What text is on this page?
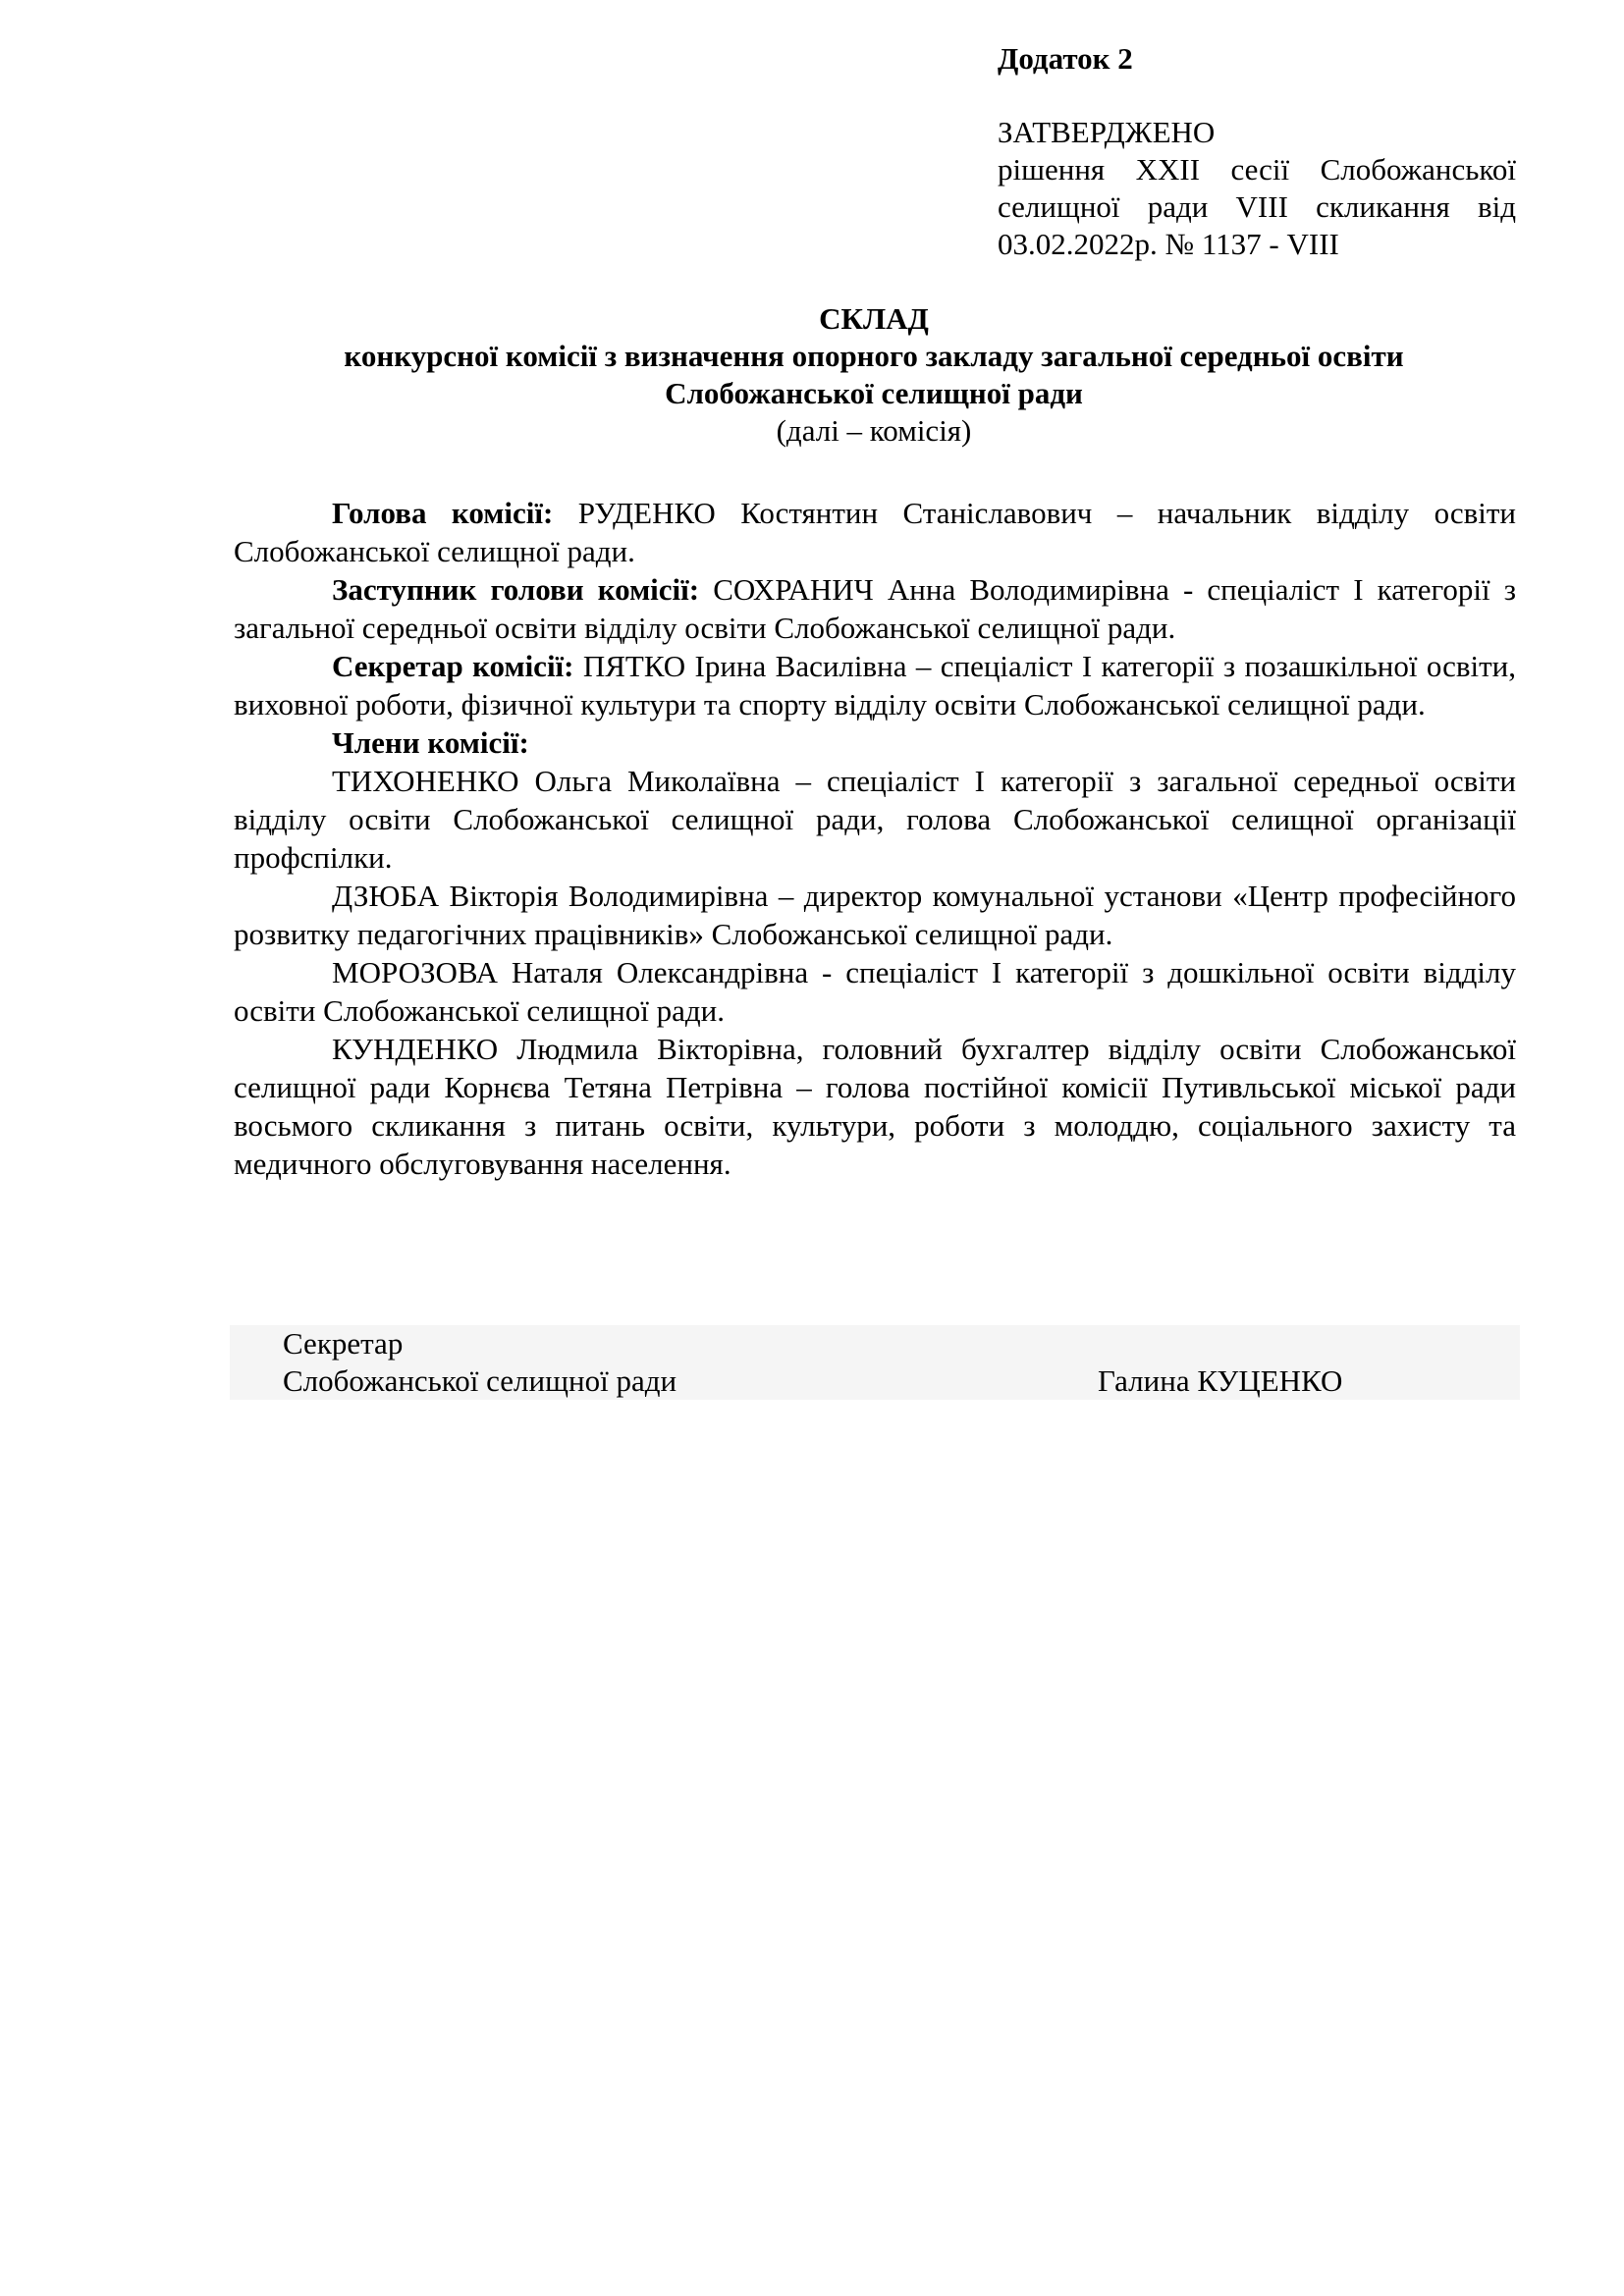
Додаток 2
ЗАТВЕРДЖЕНО
рішення XXII сесії Слобожанської
селищної ради VIII скликання від
03.02.2022р. № 1137 - VIII
СКЛАД
конкурсної комісії з визначення опорного закладу загальної середньої освіти
Слобожанської селищної ради
(далі – комісія)

Голова комісії: РУДЕНКО Костянтин Станіславович – начальник відділу освіти Слобожанської селищної ради.

Заступник голови комісії: СОХРАНИЧ Анна Володимирівна - спеціаліст І категорії з загальної середньої освіти відділу освіти Слобожанської селищної ради.

Секретар комісії: ПЯТКО Ірина Василівна – спеціаліст І категорії з позашкільної освіти, виховної роботи, фізичної культури та спорту відділу освіти Слобожанської селищної ради.

Члени комісії:

ТИХОНЕНКО Ольга Миколаївна – спеціаліст І категорії з загальної середньої освіти відділу освіти Слобожанської селищної ради, голова Слобожанської селищної організації профспілки.

ДЗЮБА Вікторія Володимирівна – директор комунальної установи «Центр професійного розвитку педагогічних працівників» Слобожанської селищної ради.

МОРОЗОВА Наталя Олександрівна - спеціаліст І категорії з дошкільної освіти відділу освіти Слобожанської селищної ради.

КУНДЕНКО Людмила Вікторівна, головний бухгалтер відділу освіти Слобожанської селищної ради Корнєва Тетяна Петрівна – голова постійної комісії Путивльської міської ради восьмого скликання з питань освіти, культури, роботи з молоддю, соціального захисту та медичного обслуговування населення.

Секретар
Слобожанської селищної ради	Галина КУЦЕНКО
